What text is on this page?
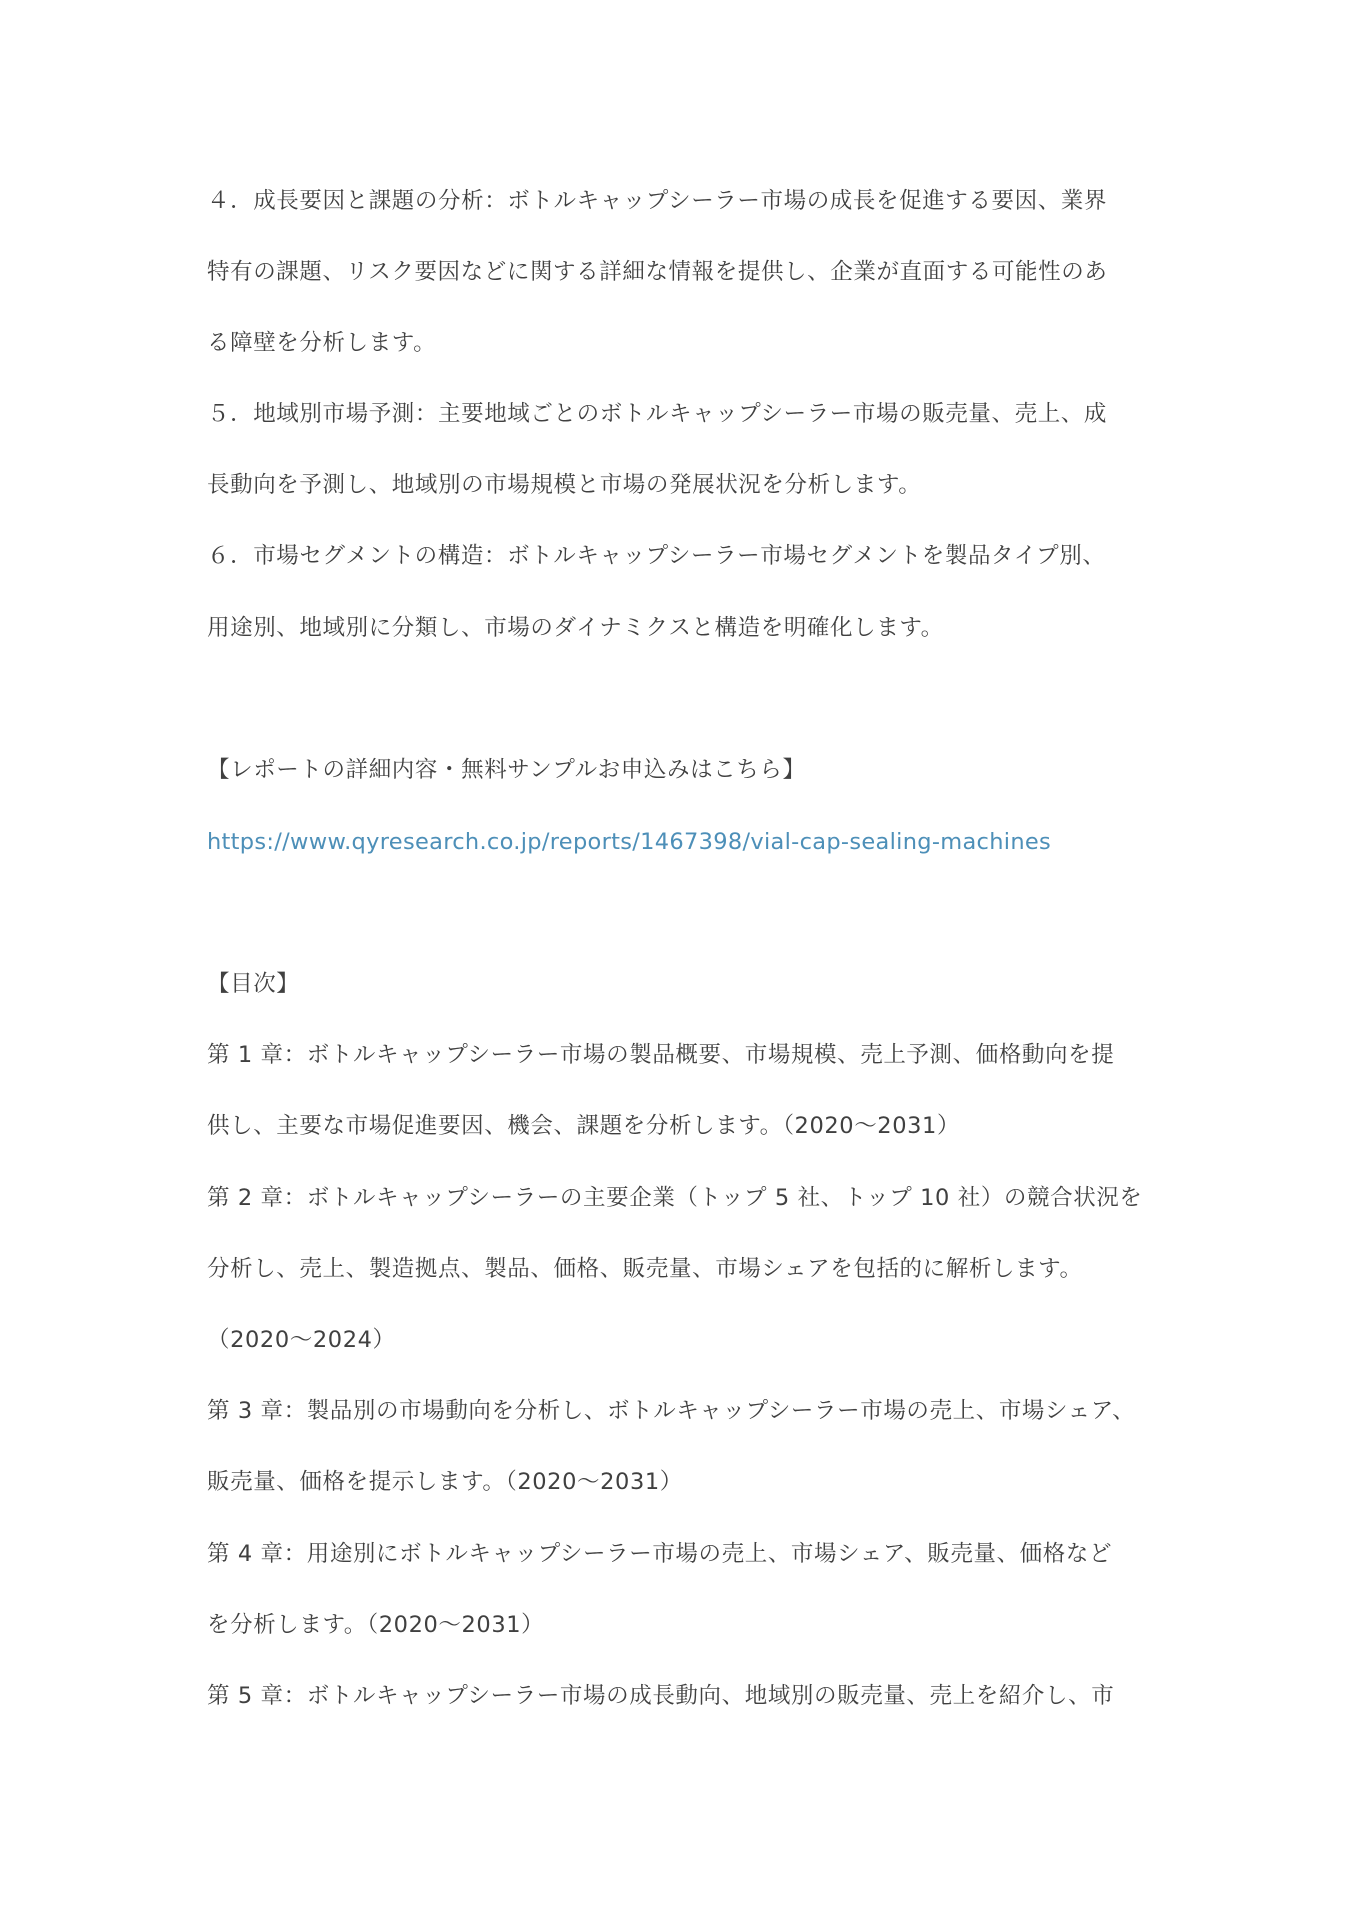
４．成長要因と課題の分析：ボトルキャップシーラー市場の成長を促進する要因、業界
特有の課題、リスク要因などに関する詳細な情報を提供し、企業が直面する可能性のあ
る障壁を分析します。
５．地域別市場予測：主要地域ごとのボトルキャップシーラー市場の販売量、売上、成
長動向を予測し、地域別の市場規模と市場の発展状況を分析します。
６．市場セグメントの構造：ボトルキャップシーラー市場セグメントを製品タイプ別、
用途別、地域別に分類し、市場のダイナミクスと構造を明確化します。
【レポートの詳細内容・無料サンプルお申込みはこちら】
https://www.qyresearch.co.jp/reports/1467398/vial-cap-sealing-machines
【目次】
第 1 章：ボトルキャップシーラー市場の製品概要、市場規模、売上予測、価格動向を提
供し、主要な市場促進要因、機会、課題を分析します。（2020～2031）
第 2 章：ボトルキャップシーラーの主要企業（トップ 5 社、トップ 10 社）の競合状況を
分析し、売上、製造拠点、製品、価格、販売量、市場シェアを包括的に解析します。
（2020～2024）
第 3 章：製品別の市場動向を分析し、ボトルキャップシーラー市場の売上、市場シェア、
販売量、価格を提示します。（2020～2031）
第 4 章：用途別にボトルキャップシーラー市場の売上、市場シェア、販売量、価格など
を分析します。（2020～2031）
第 5 章：ボトルキャップシーラー市場の成長動向、地域別の販売量、売上を紹介し、市
